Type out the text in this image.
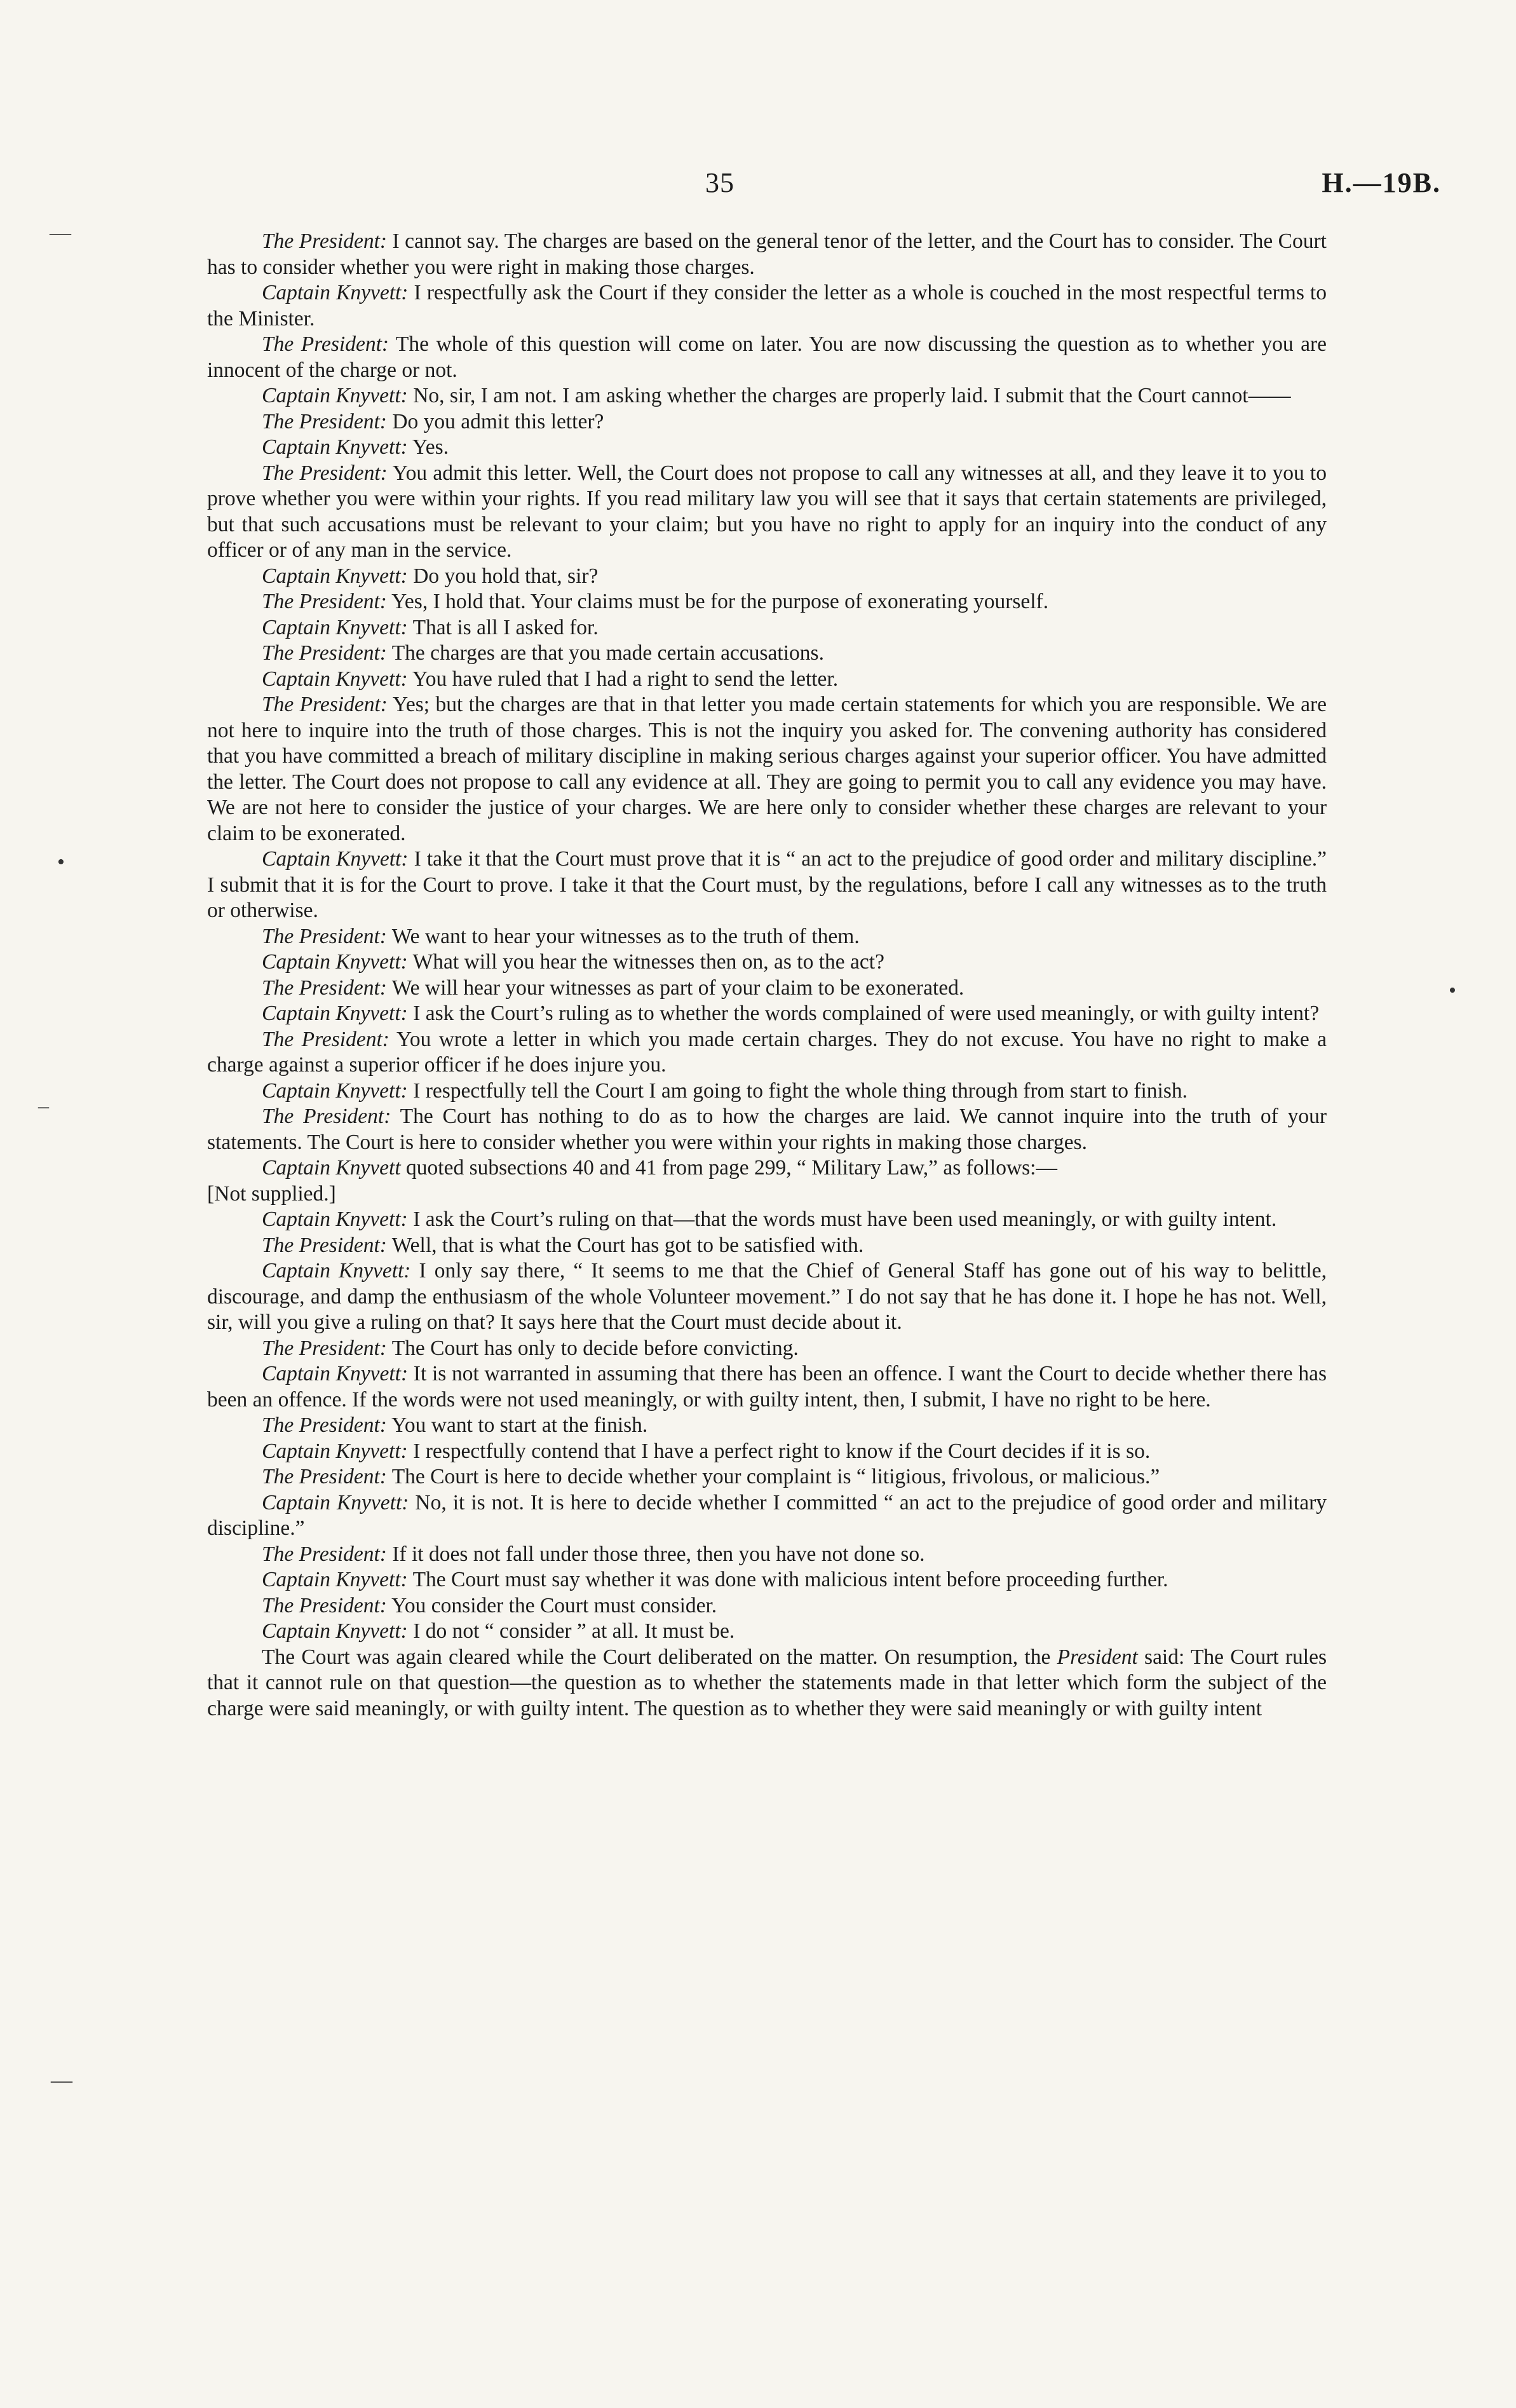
35	H.—19B.
—
•
•
–
—

The President: I cannot say. The charges are based on the general tenor of the letter, and the Court has to consider. The Court has to consider whether you were right in making those charges.

Captain Knyvett: I respectfully ask the Court if they consider the letter as a whole is couched in the most respectful terms to the Minister.

The President: The whole of this question will come on later. You are now discussing the question as to whether you are innocent of the charge or not.

Captain Knyvett: No, sir, I am not. I am asking whether the charges are properly laid. I submit that the Court cannot——

The President: Do you admit this letter?

Captain Knyvett: Yes.

The President: You admit this letter. Well, the Court does not propose to call any witnesses at all, and they leave it to you to prove whether you were within your rights. If you read military law you will see that it says that certain statements are privileged, but that such accusations must be relevant to your claim; but you have no right to apply for an inquiry into the conduct of any officer or of any man in the service.

Captain Knyvett: Do you hold that, sir?

The President: Yes, I hold that. Your claims must be for the purpose of exonerating yourself.

Captain Knyvett: That is all I asked for.

The President: The charges are that you made certain accusations.

Captain Knyvett: You have ruled that I had a right to send the letter.

The President: Yes; but the charges are that in that letter you made certain statements for which you are responsible. We are not here to inquire into the truth of those charges. This is not the inquiry you asked for. The convening authority has considered that you have committed a breach of military discipline in making serious charges against your superior officer. You have admitted the letter. The Court does not propose to call any evidence at all. They are going to permit you to call any evidence you may have. We are not here to consider the justice of your charges. We are here only to consider whether these charges are relevant to your claim to be exonerated.

Captain Knyvett: I take it that the Court must prove that it is “ an act to the prejudice of good order and military discipline.” I submit that it is for the Court to prove. I take it that the Court must, by the regulations, before I call any witnesses as to the truth or otherwise.

The President: We want to hear your witnesses as to the truth of them.

Captain Knyvett: What will you hear the witnesses then on, as to the act?

The President: We will hear your witnesses as part of your claim to be exonerated.

Captain Knyvett: I ask the Court’s ruling as to whether the words complained of were used meaningly, or with guilty intent?

The President: You wrote a letter in which you made certain charges. They do not excuse. You have no right to make a charge against a superior officer if he does injure you.

Captain Knyvett: I respectfully tell the Court I am going to fight the whole thing through from start to finish.

The President: The Court has nothing to do as to how the charges are laid. We cannot inquire into the truth of your statements. The Court is here to consider whether you were within your rights in making those charges.

Captain Knyvett quoted subsections 40 and 41 from page 299, “ Military Law,” as follows:—

[Not supplied.]

Captain Knyvett: I ask the Court’s ruling on that—that the words must have been used meaningly, or with guilty intent.

The President: Well, that is what the Court has got to be satisfied with.

Captain Knyvett: I only say there, “ It seems to me that the Chief of General Staff has gone out of his way to belittle, discourage, and damp the enthusiasm of the whole Volunteer movement.” I do not say that he has done it. I hope he has not. Well, sir, will you give a ruling on that? It says here that the Court must decide about it.

The President: The Court has only to decide before convicting.

Captain Knyvett: It is not warranted in assuming that there has been an offence. I want the Court to decide whether there has been an offence. If the words were not used meaningly, or with guilty intent, then, I submit, I have no right to be here.

The President: You want to start at the finish.

Captain Knyvett: I respectfully contend that I have a perfect right to know if the Court decides if it is so.

The President: The Court is here to decide whether your complaint is “ litigious, frivolous, or malicious.”

Captain Knyvett: No, it is not. It is here to decide whether I committed “ an act to the prejudice of good order and military discipline.”

The President: If it does not fall under those three, then you have not done so.

Captain Knyvett: The Court must say whether it was done with malicious intent before proceeding further.

The President: You consider the Court must consider.

Captain Knyvett: I do not “ consider ” at all. It must be.

The Court was again cleared while the Court deliberated on the matter. On resumption, the President said: The Court rules that it cannot rule on that question—the question as to whether the statements made in that letter which form the subject of the charge were said meaningly, or with guilty intent. The question as to whether they were said meaningly or with guilty intent
